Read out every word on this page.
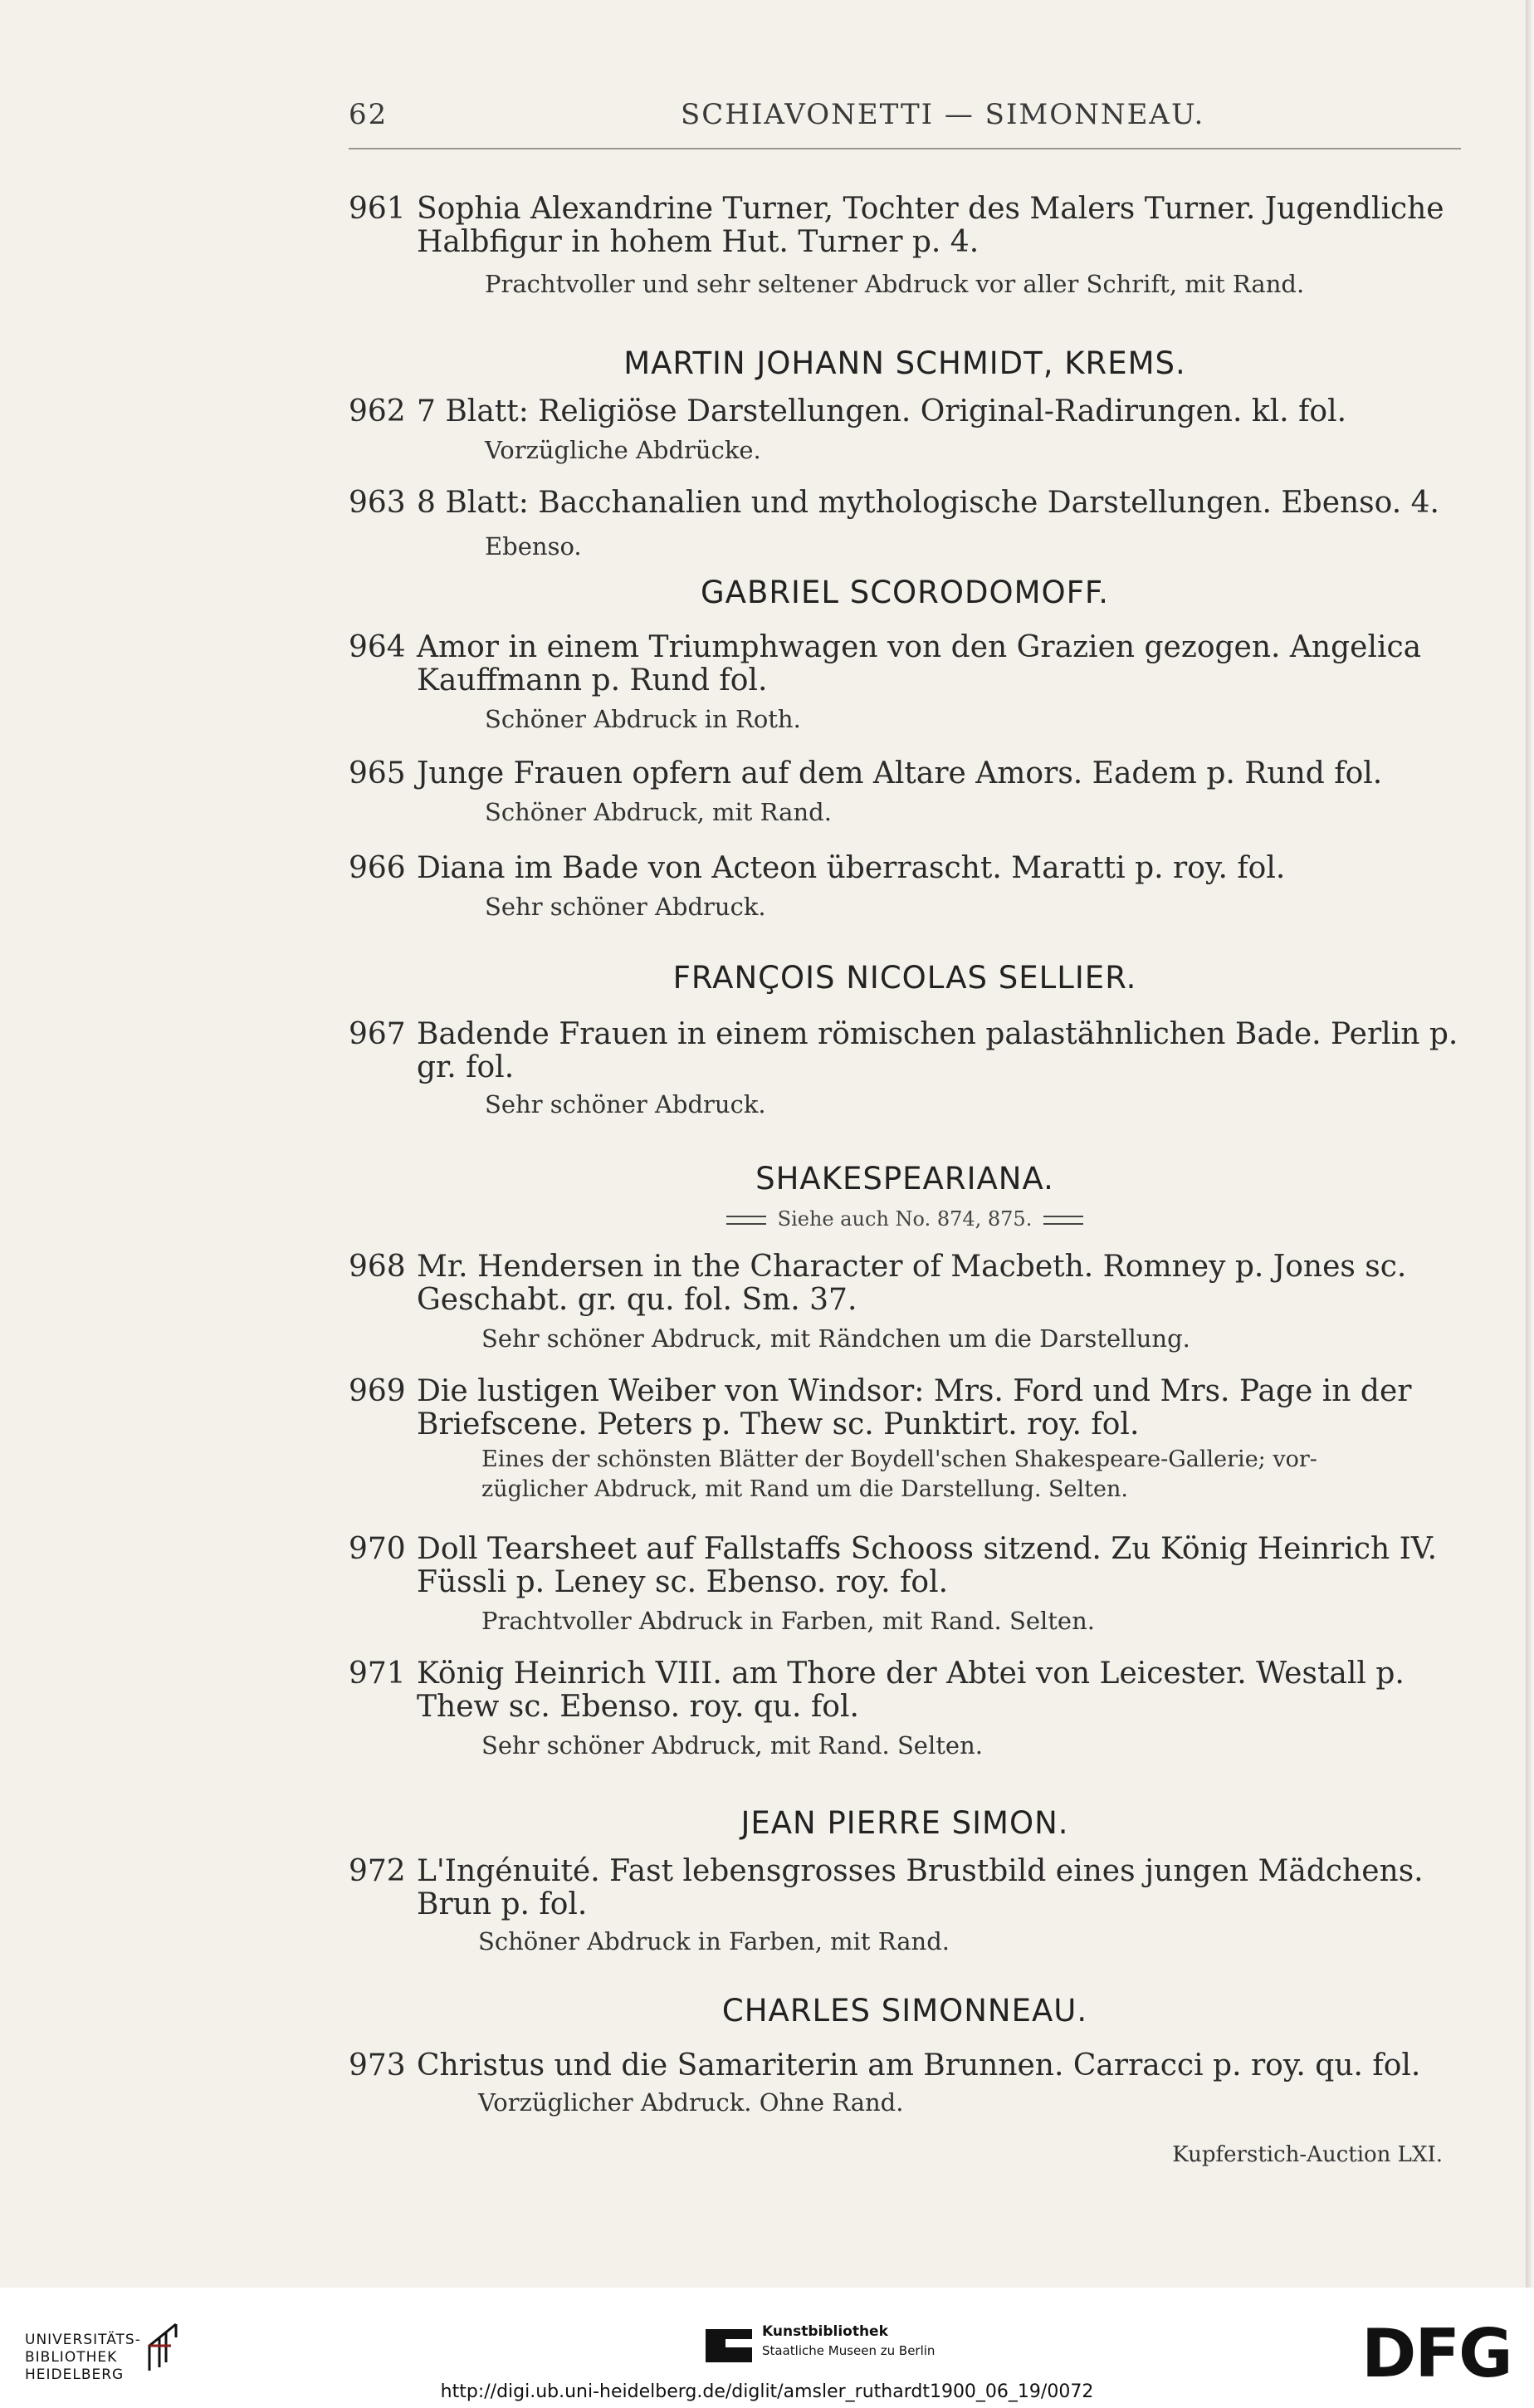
62	SCHIAVONETTI — SIMONNEAU.
961 Sophia Alexandrine Turner, Tochter des Malers Turner. Jugendliche
Halbfigur in hohem Hut. Turner p. 4.
Prachtvoller und sehr seltener Abdruck vor aller Schrift, mit Rand.
MARTIN JOHANN SCHMIDT, KREMS.
962 7 Blatt: Religiöse Darstellungen. Original-Radirungen. kl. fol.
Vorzügliche Abdrücke.
963 8 Blatt: Bacchanalien und mythologische Darstellungen. Ebenso. 4.
Ebenso.
GABRIEL SCORODOMOFF.
964 Amor in einem Triumphwagen von den Grazien gezogen. Angelica
Kauffmann p. Rund fol.
Schöner Abdruck in Roth.
965 Junge Frauen opfern auf dem Altare Amors. Eadem p. Rund fol.
Schöner Abdruck, mit Rand.
966 Diana im Bade von Acteon überrascht. Maratti p. roy. fol.
Sehr schöner Abdruck.
FRANÇOIS NICOLAS SELLIER.
967 Badende Frauen in einem römischen palastähnlichen Bade. Perlin p.
gr. fol.
Sehr schöner Abdruck.
SHAKESPEARIANA.
Siehe auch No. 874, 875.
968 Mr. Hendersen in the Character of Macbeth. Romney p. Jones sc.
Geschabt. gr. qu. fol. Sm. 37.
Sehr schöner Abdruck, mit Rändchen um die Darstellung.
969 Die lustigen Weiber von Windsor: Mrs. Ford und Mrs. Page in der
Briefscene. Peters p. Thew sc. Punktirt. roy. fol.
Eines der schönsten Blätter der Boydell'schen Shakespeare-Gallerie; vor-
züglicher Abdruck, mit Rand um die Darstellung. Selten.
970 Doll Tearsheet auf Fallstaffs Schooss sitzend. Zu König Heinrich IV.
Füssli p. Leney sc. Ebenso. roy. fol.
Prachtvoller Abdruck in Farben, mit Rand. Selten.
971 König Heinrich VIII. am Thore der Abtei von Leicester. Westall p.
Thew sc. Ebenso. roy. qu. fol.
Sehr schöner Abdruck, mit Rand. Selten.
JEAN PIERRE SIMON.
972 L'Ingénuité. Fast lebensgrosses Brustbild eines jungen Mädchens.
Brun p. fol.
Schöner Abdruck in Farben, mit Rand.
CHARLES SIMONNEAU.
973 Christus und die Samariterin am Brunnen. Carracci p. roy. qu. fol.
Vorzüglicher Abdruck. Ohne Rand.
Kupferstich-Auction LXI.
UNIVERSITÄTS-
BIBLIOTHEK
HEIDELBERG
Kunstbibliothek
Staatliche Museen zu Berlin	DFG
http://digi.ub.uni-heidelberg.de/diglit/amsler_ruthardt1900_06_19/0072
